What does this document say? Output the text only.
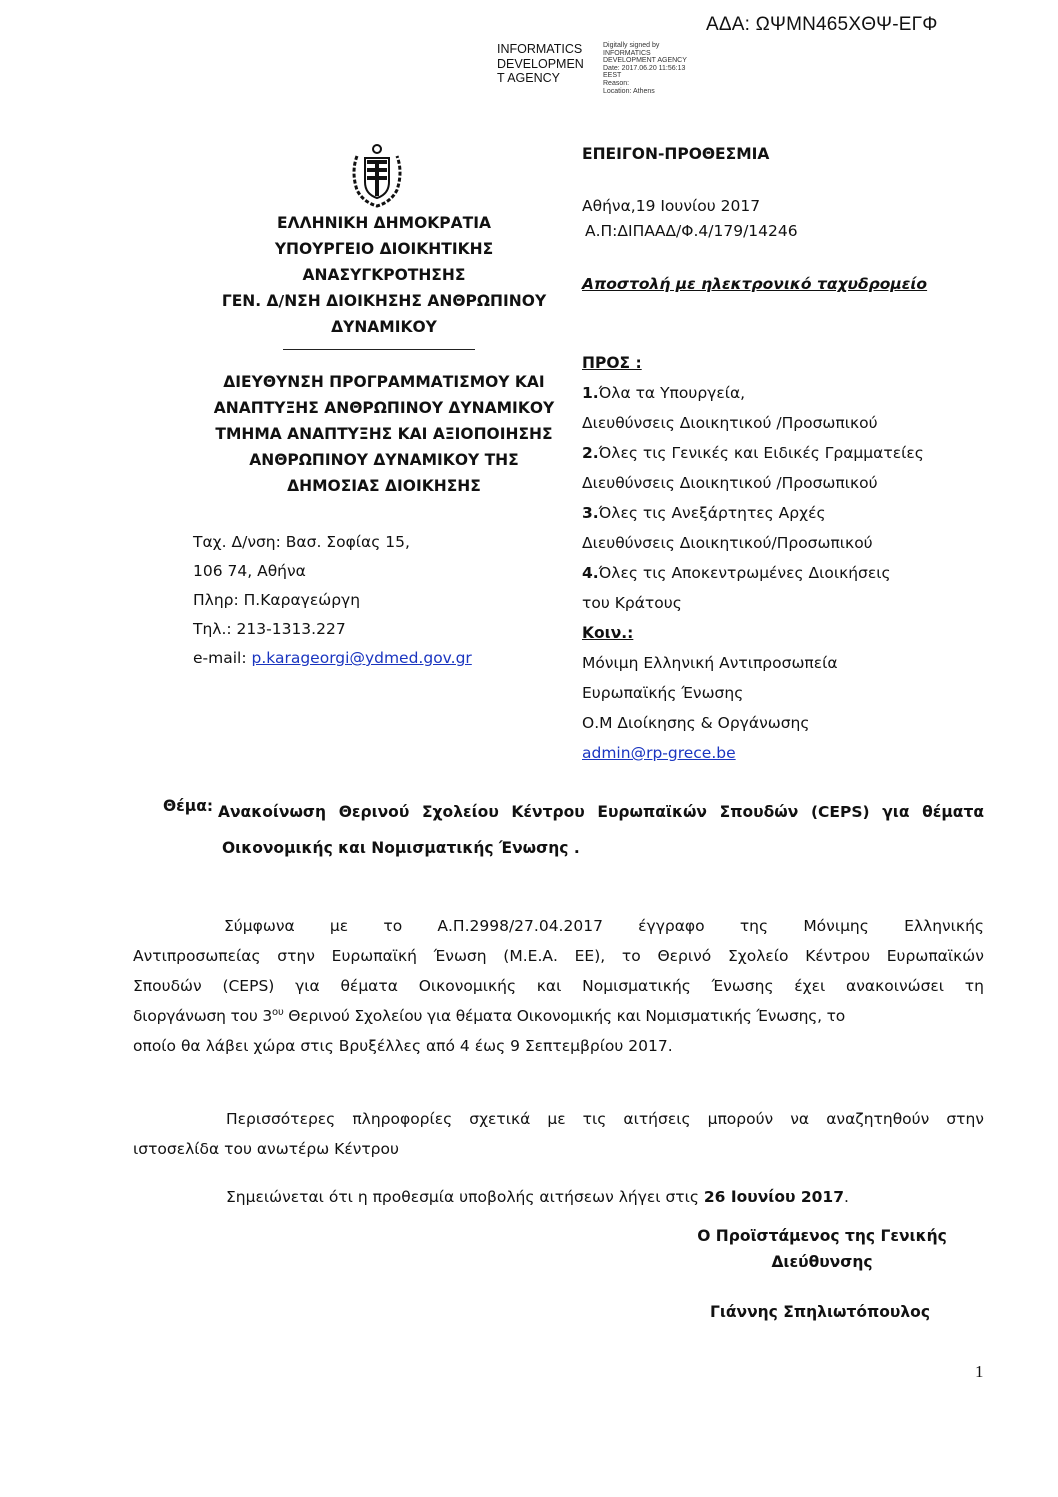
ΑΔΑ: ΩΨΜΝ465ΧΘΨ-ΕΓΦ
INFORMATICS
DEVELOPMEN
T AGENCY
Digitally signed by
INFORMATICS
DEVELOPMENT AGENCY
Date: 2017.06.20 11:56:13
EEST
Reason:
Location: Athens
ΕΛΛΗΝΙΚΗ ΔΗΜΟΚΡΑΤΙΑ
ΥΠΟΥΡΓΕΙΟ ΔΙΟΙΚΗΤΙΚΗΣ
ΑΝΑΣΥΓΚΡΟΤΗΣΗΣ
ΓΕΝ. Δ/ΝΣΗ ΔΙΟΙΚΗΣΗΣ ΑΝΘΡΩΠΙΝΟΥ
ΔΥΝΑΜΙΚΟΥ
ΔΙΕΥΘΥΝΣΗ ΠΡΟΓΡΑΜΜΑΤΙΣΜΟΥ ΚΑΙ
ΑΝΑΠΤΥΞΗΣ ΑΝΘΡΩΠΙΝΟΥ ΔΥΝΑΜΙΚΟΥ
ΤΜΗΜΑ ΑΝΑΠΤΥΞΗΣ ΚΑΙ ΑΞΙΟΠΟΙΗΣΗΣ
ΑΝΘΡΩΠΙΝΟΥ ΔΥΝΑΜΙΚΟΥ ΤΗΣ
ΔΗΜΟΣΙΑΣ ΔΙΟΙΚΗΣΗΣ
Ταχ. Δ/νση: Βασ. Σοφίας 15,
106 74, Αθήνα
Πληρ: Π.Καραγεώργη
Τηλ.: 213-1313.227
e-mail: p.karageorgi@ydmed.gov.gr
ΕΠΕΙΓΟΝ-ΠΡΟΘΕΣΜΙΑ
Αθήνα,19 Ιουνίου 2017
Α.Π:ΔΙΠΑΑΔ/Φ.4/179/14246
Αποστολή με ηλεκτρονικό ταχυδρομείο
ΠΡΟΣ :
1.Όλα τα Υπουργεία,
Διευθύνσεις Διοικητικού /Προσωπικού
2.Όλες τις Γενικές και Ειδικές Γραμματείες
Διευθύνσεις Διοικητικού /Προσωπικού
3.Όλες τις Ανεξάρτητες Αρχές
Διευθύνσεις Διοικητικού/Προσωπικού
4.Όλες τις Αποκεντρωμένες Διοικήσεις
του Κράτους
Κοιν.:
Μόνιμη Ελληνική Αντιπροσωπεία
Ευρωπαϊκής Ένωσης
Ο.Μ Διοίκησης & Οργάνωσης
admin@rp-grece.be
Θέμα: Ανακοίνωση Θερινού Σχολείου Κέντρου Ευρωπαϊκών Σπουδών (CEPS) για θέματα
Οικονομικής και Νομισματικής Ένωσης .
Σύμφωνα με το Α.Π.2998/27.04.2017 έγγραφο της Μόνιμης Ελληνικής
Αντιπροσωπείας στην Ευρωπαϊκή Ένωση (Μ.Ε.Α. ΕΕ), το Θερινό Σχολείο Κέντρου Ευρωπαϊκών
Σπουδών (CEPS) για θέματα Οικονομικής και Νομισματικής Ένωσης έχει ανακοινώσει τη
διοργάνωση του $3^{o\upsilon}$ Θερινού Σχολείου για θέματα Οικονομικής και Νομισματικής Ένωσης, το
οποίο θα λάβει χώρα στις Βρυξέλλες από 4 έως 9 Σεπτεμβρίου 2017.
Περισσότερες πληροφορίες σχετικά με τις αιτήσεις μπορούν να αναζητηθούν στην
ιστοσελίδα του ανωτέρω Κέντρου
Σημειώνεται ότι η προθεσμία υποβολής αιτήσεων λήγει στις 26 Ιουνίου 2017.
Ο Προϊστάμενος της Γενικής
Διεύθυνσης
Γιάννης Σπηλιωτόπουλος
1
